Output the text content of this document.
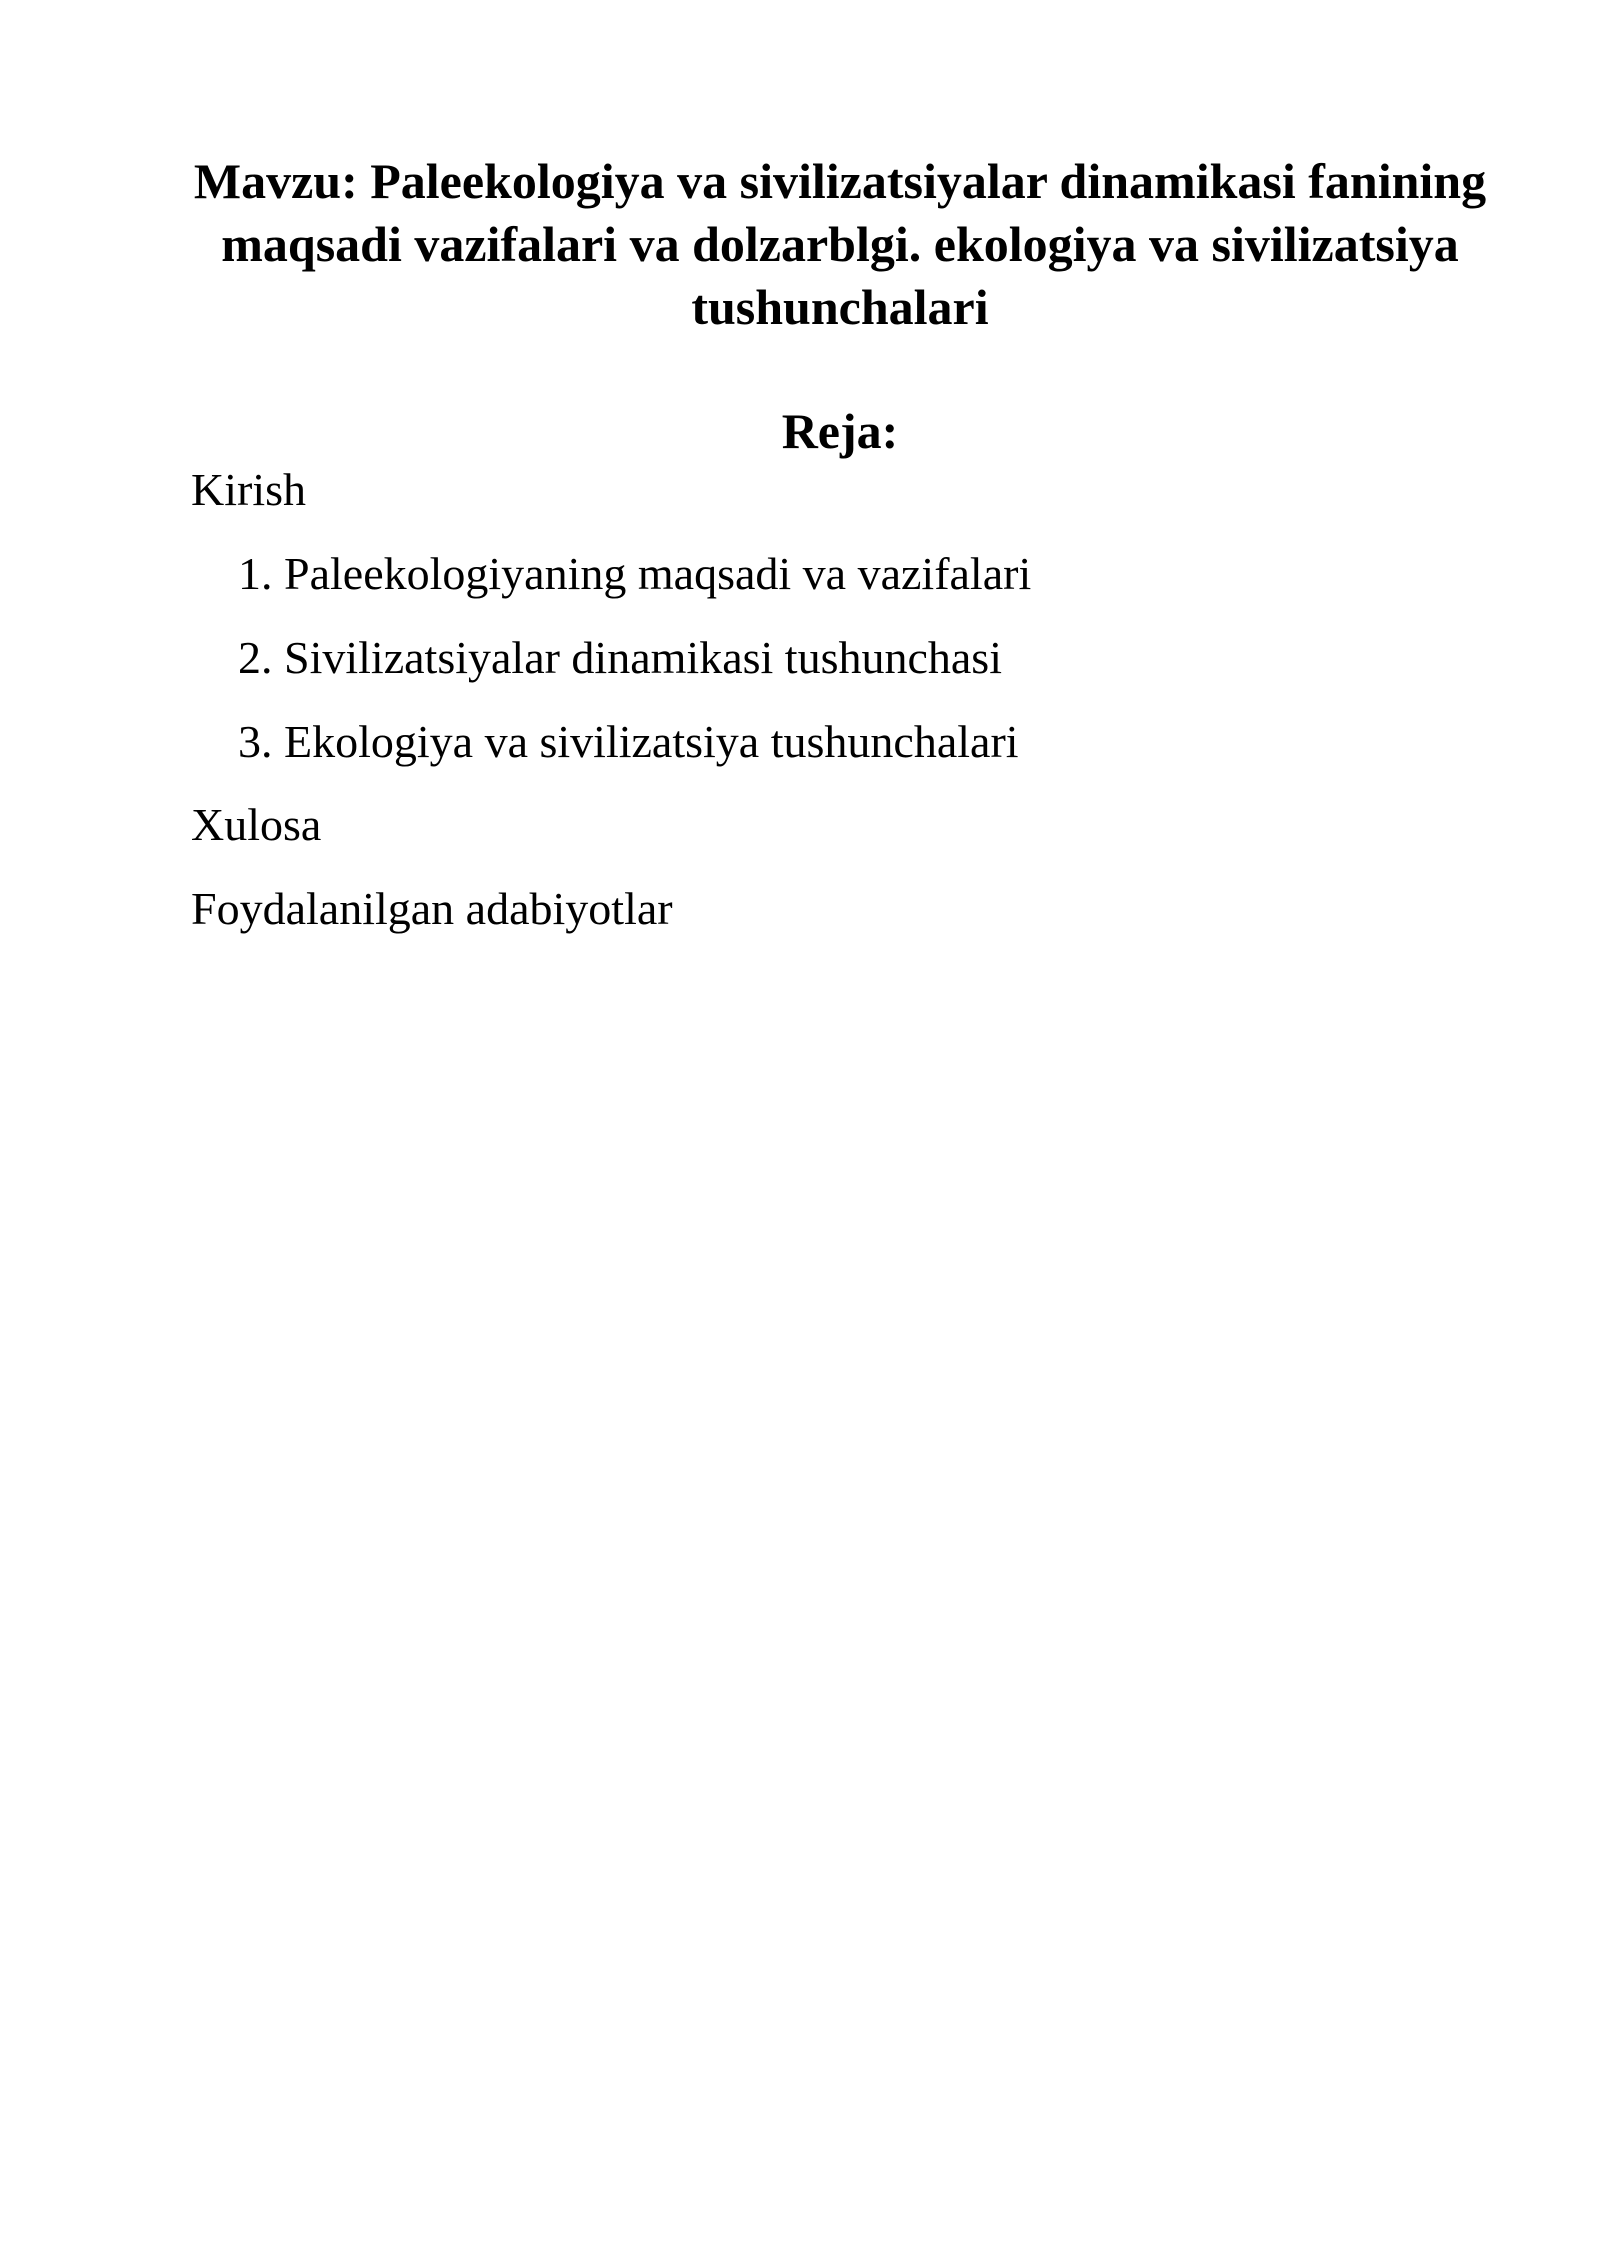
Mavzu: Paleekologiya va sivilizatsiyalar dinamikasi fanining maqsadi vazifalari va dolzarblgi. ekologiya va sivilizatsiya tushunchalari
Reja:

Kirish

1. Paleekologiyaning maqsadi va vazifalari

2. Sivilizatsiyalar dinamikasi tushunchasi

3. Ekologiya va sivilizatsiya tushunchalari

Xulosa

Foydalanilgan adabiyotlar
